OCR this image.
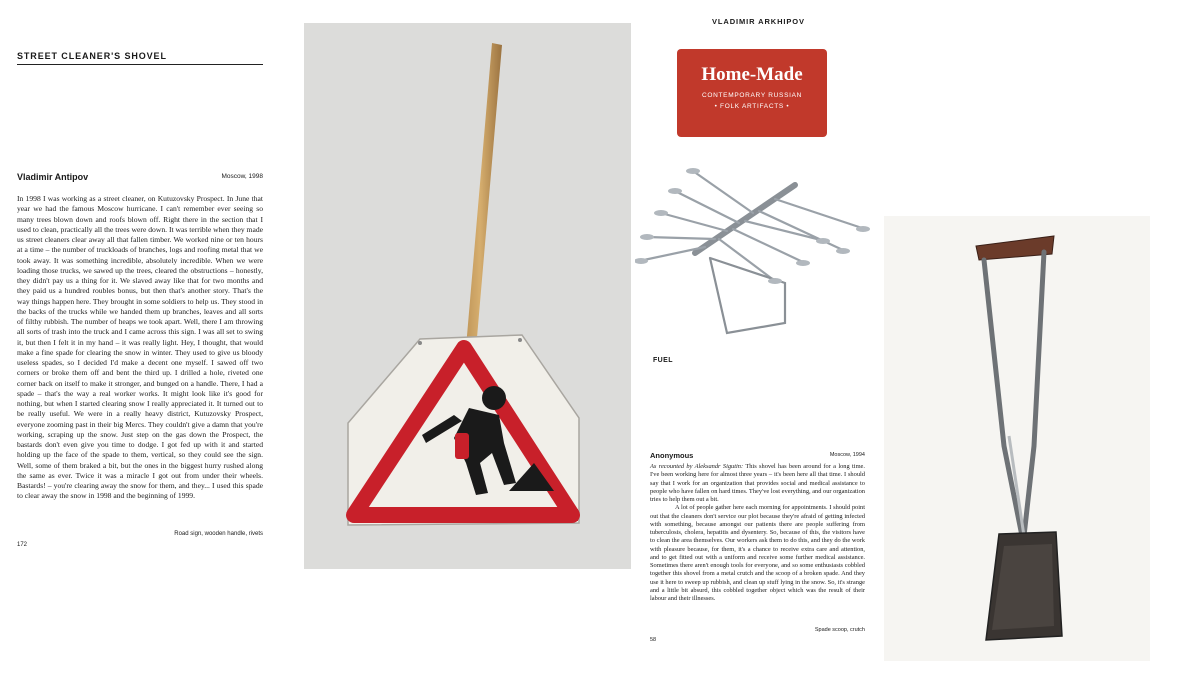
STREET CLEANER'S SHOVEL
Vladimir Antipov	Moscow, 1998
In 1998 I was working as a street cleaner, on Kutuzovsky Prospect. In June that year we had the famous Moscow hurricane. I can't remember ever seeing so many trees blown down and roofs blown off. Right there in the section that I used to clean, practically all the trees were down. It was terrible when they made us street cleaners clear away all that fallen timber. We worked nine or ten hours at a time – the number of truckloads of branches, logs and roofing metal that we took away. It was something incredible, absolutely incredible. When we were loading those trucks, we sawed up the trees, cleared the obstructions – honestly, they didn't pay us a thing for it. We slaved away like that for two months and they paid us a hundred roubles bonus, but then that's another story. That's the way things happen here. They brought in some soldiers to help us. They stood in the backs of the trucks while we handed them up branches, leaves and all sorts of filthy rubbish. The number of heaps we took apart. Well, there I am throwing all sorts of trash into the truck and I came across this sign. I was all set to swing it, but then I felt it in my hand – it was really light. Hey, I thought, that would make a fine spade for clearing the snow in winter. They used to give us bloody useless spades, so I decided I'd make a decent one myself. I sawed off two corners or broke them off and bent the third up. I drilled a hole, riveted one corner back on itself to make it stronger, and bunged on a handle. There, I had a spade – that's the way a real worker works. It might look like it's good for nothing, but when I started clearing snow I really appreciated it. It turned out to be really useful. We were in a really heavy district, Kutuzovsky Prospect, everyone zooming past in their big Mercs. They couldn't give a damn that you're working, scraping up the snow. Just step on the gas down the Prospect, the bastards don't even give you time to dodge. I got fed up with it and started holding up the face of the spade to them, vertical, so they could see the sign. Well, some of them braked a bit, but the ones in the biggest hurry rushed along the same as ever. Twice it was a miracle I got out from under their wheels. Bastards! – you're clearing away the snow for them, and they... I used this spade to clear away the snow in 1998 and the beginning of 1999.
Road sign, wooden handle, rivets
172
VLADIMIR ARKHIPOV
Home-Made
CONTEMPORARY RUSSIAN
• FOLK ARTIFACTS •
FUEL
Anonymous	Moscow, 1994

As recounted by Aleksandr Sigutin: This shovel has been around for a long time. I've been working here for almost three years – it's been here all that time. I should say that I work for an organization that provides social and medical assistance to people who have fallen on hard times. They've lost everything, and our organization tries to help them out a bit.

A lot of people gather here each morning for appointments. I should point out that the cleaners don't service our plot because they're afraid of getting infected with something, because amongst our patients there are people suffering from tuberculosis, cholera, hepatitis and dysentery. So, because of this, the visitors have to clean the area themselves. Our workers ask them to do this, and they do the work with pleasure because, for them, it's a chance to receive extra care and attention, and to get fitted out with a uniform and receive some further medical assistance. Sometimes there aren't enough tools for everyone, and so some enthusiasts cobbled together this shovel from a metal crutch and the scoop of a broken spade. And they use it here to sweep up rubbish, and clean up stuff lying in the snow. So, it's strange and a little bit absurd, this cobbled together object which was the result of their labour and their illnesses.

Spade scoop, crutch
58
